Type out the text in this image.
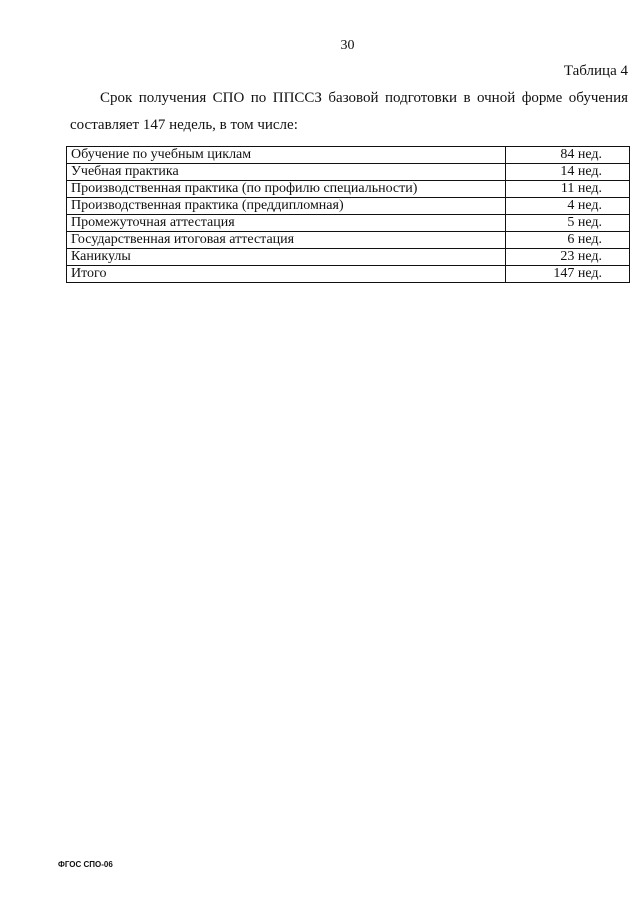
30
Таблица 4
Срок получения СПО по ППССЗ базовой подготовки в очной форме обучения
составляет 147 недель, в том числе:
Обучение по учебным циклам	84 нед.
Учебная практика	14 нед.
Производственная практика (по профилю специальности)	11 нед.
Производственная практика (преддипломная)	4 нед.
Промежуточная аттестация	5 нед.
Государственная итоговая аттестация	6 нед.
Каникулы	23 нед.
Итого	147 нед.
ФГОС СПО-06
